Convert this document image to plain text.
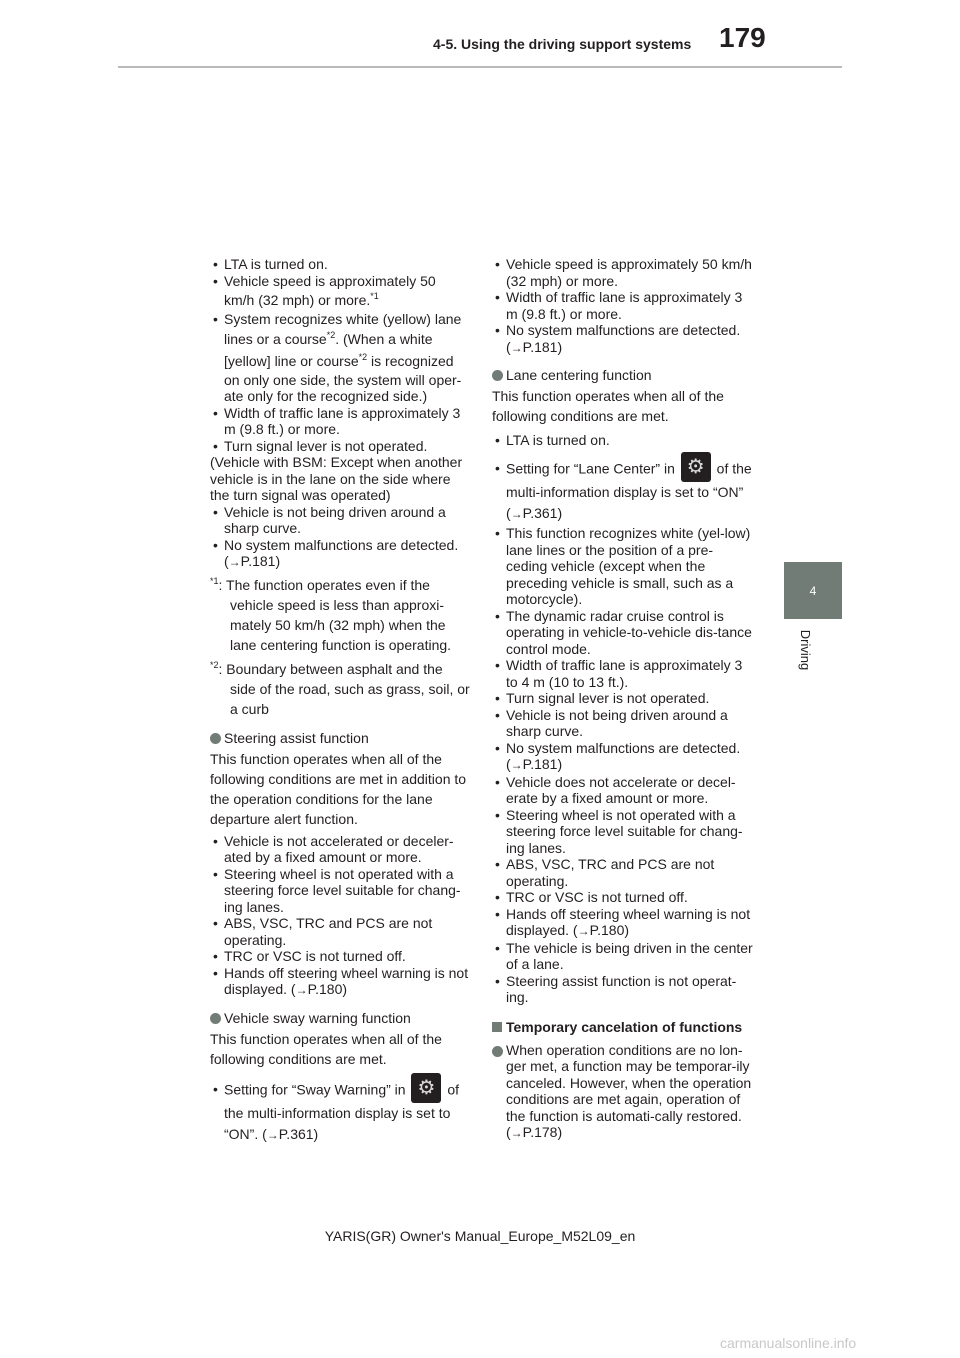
4-5. Using the driving support systems 179
4
Driving
• LTA is turned on.
• Vehicle speed is approximately 50
km/h (32 mph) or more.$^{*1}$
• System recognizes white (yellow) lane
lines or a course$^{*2}$. (When a white
[yellow] line or course$^{*2}$ is recognized on only one side, the system will oper-ate only for the recognized side.)
• Width of traffic lane is approximately 3 m (9.8 ft.) or more.
• Turn signal lever is not operated.
(Vehicle with BSM: Except when another vehicle is in the lane on the side where the turn signal was operated)
• Vehicle is not being driven around a sharp curve.
• No system malfunctions are detected.
(→P.181)
$^{*1}$: The function operates even if the vehicle speed is less than approxi-mately 50 km/h (32 mph) when the lane centering function is operating.
$^{*2}$: Boundary between asphalt and the side of the road, such as grass, soil, or a curb
Steering assist function
This function operates when all of the following conditions are met in addition to the operation conditions for the lane departure alert function.
• Vehicle is not accelerated or deceler-ated by a fixed amount or more.
• Steering wheel is not operated with a steering force level suitable for chang-ing lanes.
• ABS, VSC, TRC and PCS are not operating.
• TRC or VSC is not turned off.
• Hands off steering wheel warning is not displayed. (→P.180)
Vehicle sway warning function
This function operates when all of the following conditions are met.
• Setting for “Sway Warning” in ⚙ of
the multi-information display is set to
“ON”. (→P.361)
• Vehicle speed is approximately 50 km/h (32 mph) or more.
• Width of traffic lane is approximately 3 m (9.8 ft.) or more.
• No system malfunctions are detected.
(→P.181)
Lane centering function
This function operates when all of the following conditions are met.
• LTA is turned on.
• Setting for “Lane Center” in ⚙ of the
multi-information display is set to “ON”
(→P.361)
• This function recognizes white (yel-low) lane lines or the position of a pre-ceding vehicle (except when the preceding vehicle is small, such as a motorcycle).
• The dynamic radar cruise control is operating in vehicle-to-vehicle dis-tance control mode.
• Width of traffic lane is approximately 3 to 4 m (10 to 13 ft.).
• Turn signal lever is not operated.
• Vehicle is not being driven around a sharp curve.
• No system malfunctions are detected.
(→P.181)
• Vehicle does not accelerate or decel-erate by a fixed amount or more.
• Steering wheel is not operated with a steering force level suitable for chang-ing lanes.
• ABS, VSC, TRC and PCS are not operating.
• TRC or VSC is not turned off.
• Hands off steering wheel warning is not displayed. (→P.180)
• The vehicle is being driven in the center of a lane.
• Steering assist function is not operat-ing.
Temporary cancelation of functions
When operation conditions are no lon-ger met, a function may be temporar-ily canceled. However, when the operation conditions are met again, operation of the function is automati-cally restored. (→P.178)
YARIS(GR) Owner's Manual_Europe_M52L09_en
carmanualsonline.info
